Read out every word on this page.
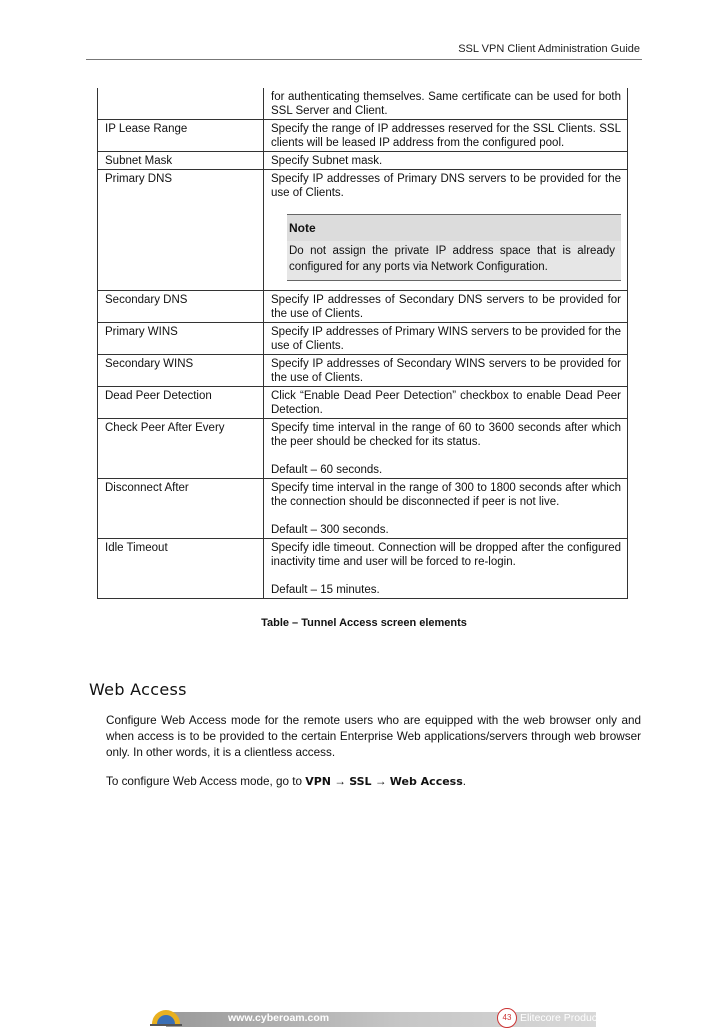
SSL VPN Client Administration Guide
	for authenticating themselves. Same certificate can be used for both SSL Server and Client.
IP Lease Range	Specify the range of IP addresses reserved for the SSL Clients. SSL clients will be leased IP address from the configured pool.
Subnet Mask	Specify Subnet mask.
Primary DNS	Specify IP addresses of Primary DNS servers to be provided for the use of Clients.
Note
Do not assign the private IP address space that is already configured for any ports via Network Configuration.

Secondary DNS	Specify IP addresses of Secondary DNS servers to be provided for the use of Clients.
Primary WINS	Specify IP addresses of Primary WINS servers to be provided for the use of Clients.
Secondary WINS	Specify IP addresses of Secondary WINS servers to be provided for the use of Clients.
Dead Peer Detection	Click “Enable Dead Peer Detection” checkbox to enable Dead Peer Detection.
Check Peer After Every	Specify time interval in the range of 60 to 3600 seconds after which the peer should be checked for its status.
Default – 60 seconds.

Disconnect After	Specify time interval in the range of 300 to 1800 seconds after which the connection should be disconnected if peer is not live.
Default – 300 seconds.

Idle Timeout	Specify idle timeout. Connection will be dropped after the configured inactivity time and user will be forced to re-login.
Default – 15 minutes.
Table – Tunnel Access screen elements
Web Access

Configure Web Access mode for the remote users who are equipped with the web browser only and when access is to be provided to the certain Enterprise Web applications/servers through web browser only. In other words, it is a clientless access.

To configure Web Access mode, go to VPN → SSL → Web Access.

www.cyberoam.com	43 Elitecore Product
